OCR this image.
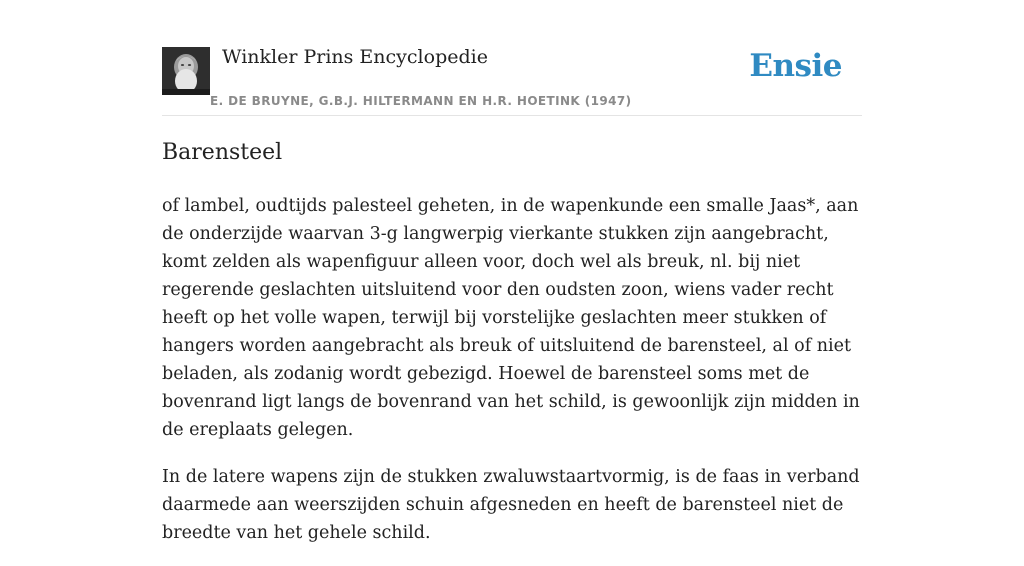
Winkler Prins Encyclopedie
E. DE BRUYNE, G.B.J. HILTERMANN EN H.R. HOETINK (1947)
Ensie
Barensteel

of lambel, oudtijds palesteel geheten, in de wapenkunde een smalle Jaas*, aan de onderzijde waarvan 3-g langwerpig vierkante stukken zijn aangebracht, komt zelden als wapenfiguur alleen voor, doch wel als breuk, nl. bij niet regerende geslachten uitsluitend voor den oudsten zoon, wiens vader recht heeft op het volle wapen, terwijl bij vorstelijke geslachten meer stukken of hangers worden aangebracht als breuk of uitsluitend de barensteel, al of niet beladen, als zodanig wordt gebezigd. Hoewel de barensteel soms met de bovenrand ligt langs de bovenrand van het schild, is gewoonlijk zijn midden in de ereplaats gelegen.

In de latere wapens zijn de stukken zwaluwstaartvormig, is de faas in verband daarmede aan weerszijden schuin afgesneden en heeft de barensteel niet de breedte van het gehele schild.
